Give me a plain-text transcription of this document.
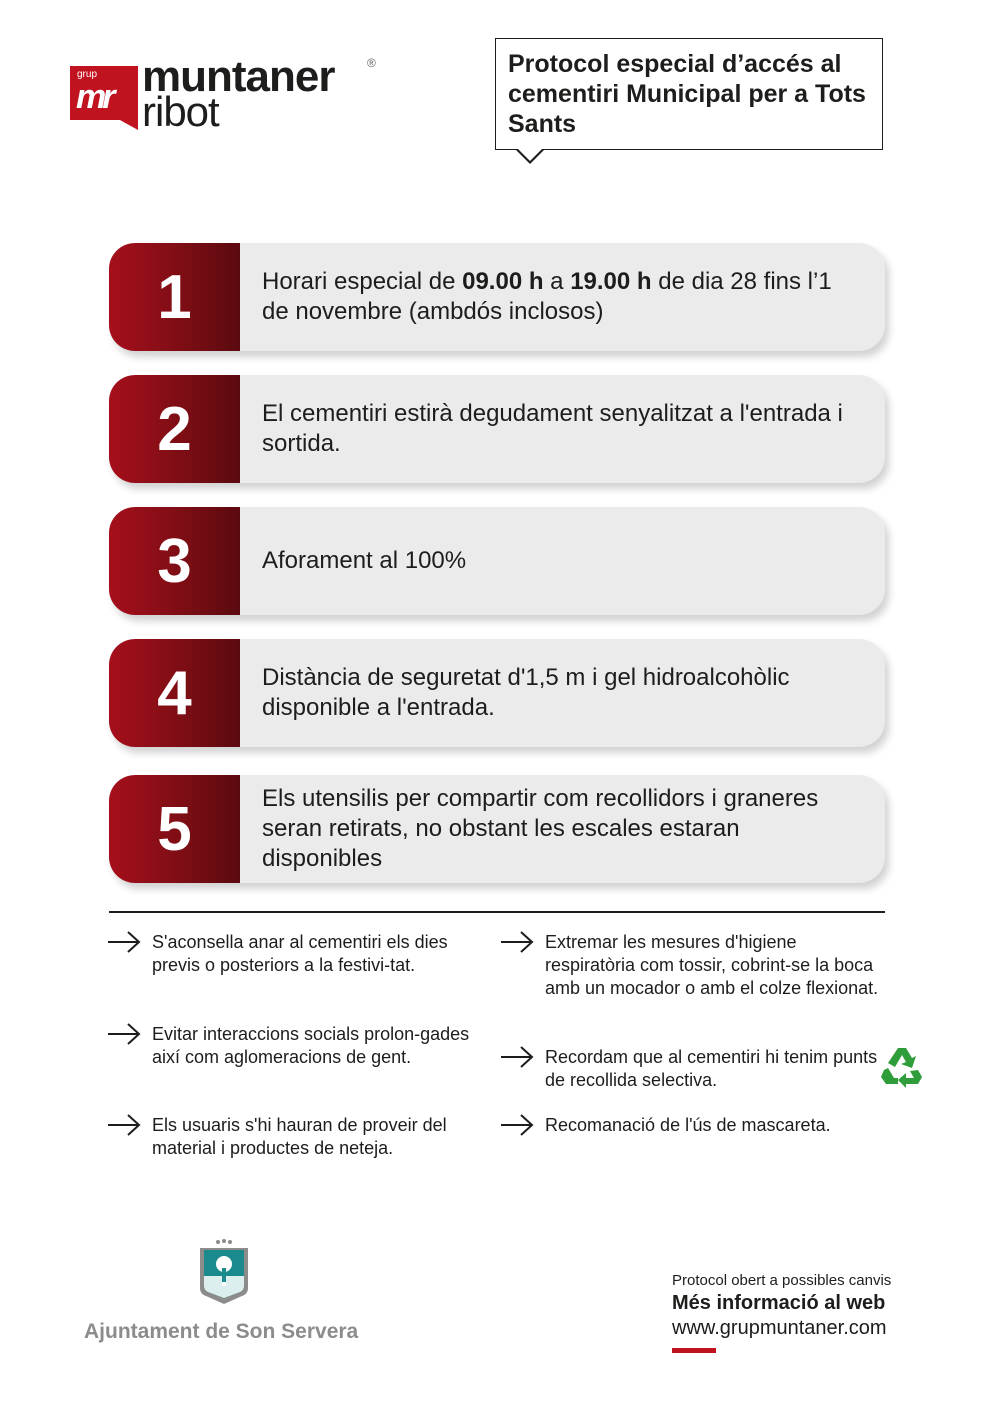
grup
mr muntaner	®
ribot
Protocol especial d’accés al cementiri Municipal per a Tots Sants
1	Horari especial de 09.00 h a 19.00 h de dia 28 fins l’1 de novembre (ambdós inclosos)
2	El cementiri estirà degudament senyalitzat a l'entrada i sortida.
3	Aforament al 100%
4	Distància de seguretat d'1,5 m i gel hidroalcohòlic disponible a l'entrada.
5	Els utensilis per compartir com recollidors i graneres seran retirats, no obstant les escales estaran disponibles
S'aconsella anar al cementiri els dies previs o posteriors a la festivi-tat.
Evitar interaccions socials prolon-gades així com aglomeracions de gent.
Els usuaris s'hi hauran de proveir del material i productes de neteja.
Extremar les mesures d'higiene respiratòria com tossir, cobrint-se la boca amb un mocador o amb el colze flexionat.
Recordam que al cementiri hi tenim punts de recollida selectiva.
Recomanació de l'ús de mascareta.
Ajuntament de Son Servera
Protocol obert a possibles canvis
Més informació al web
www.grupmuntaner.com
